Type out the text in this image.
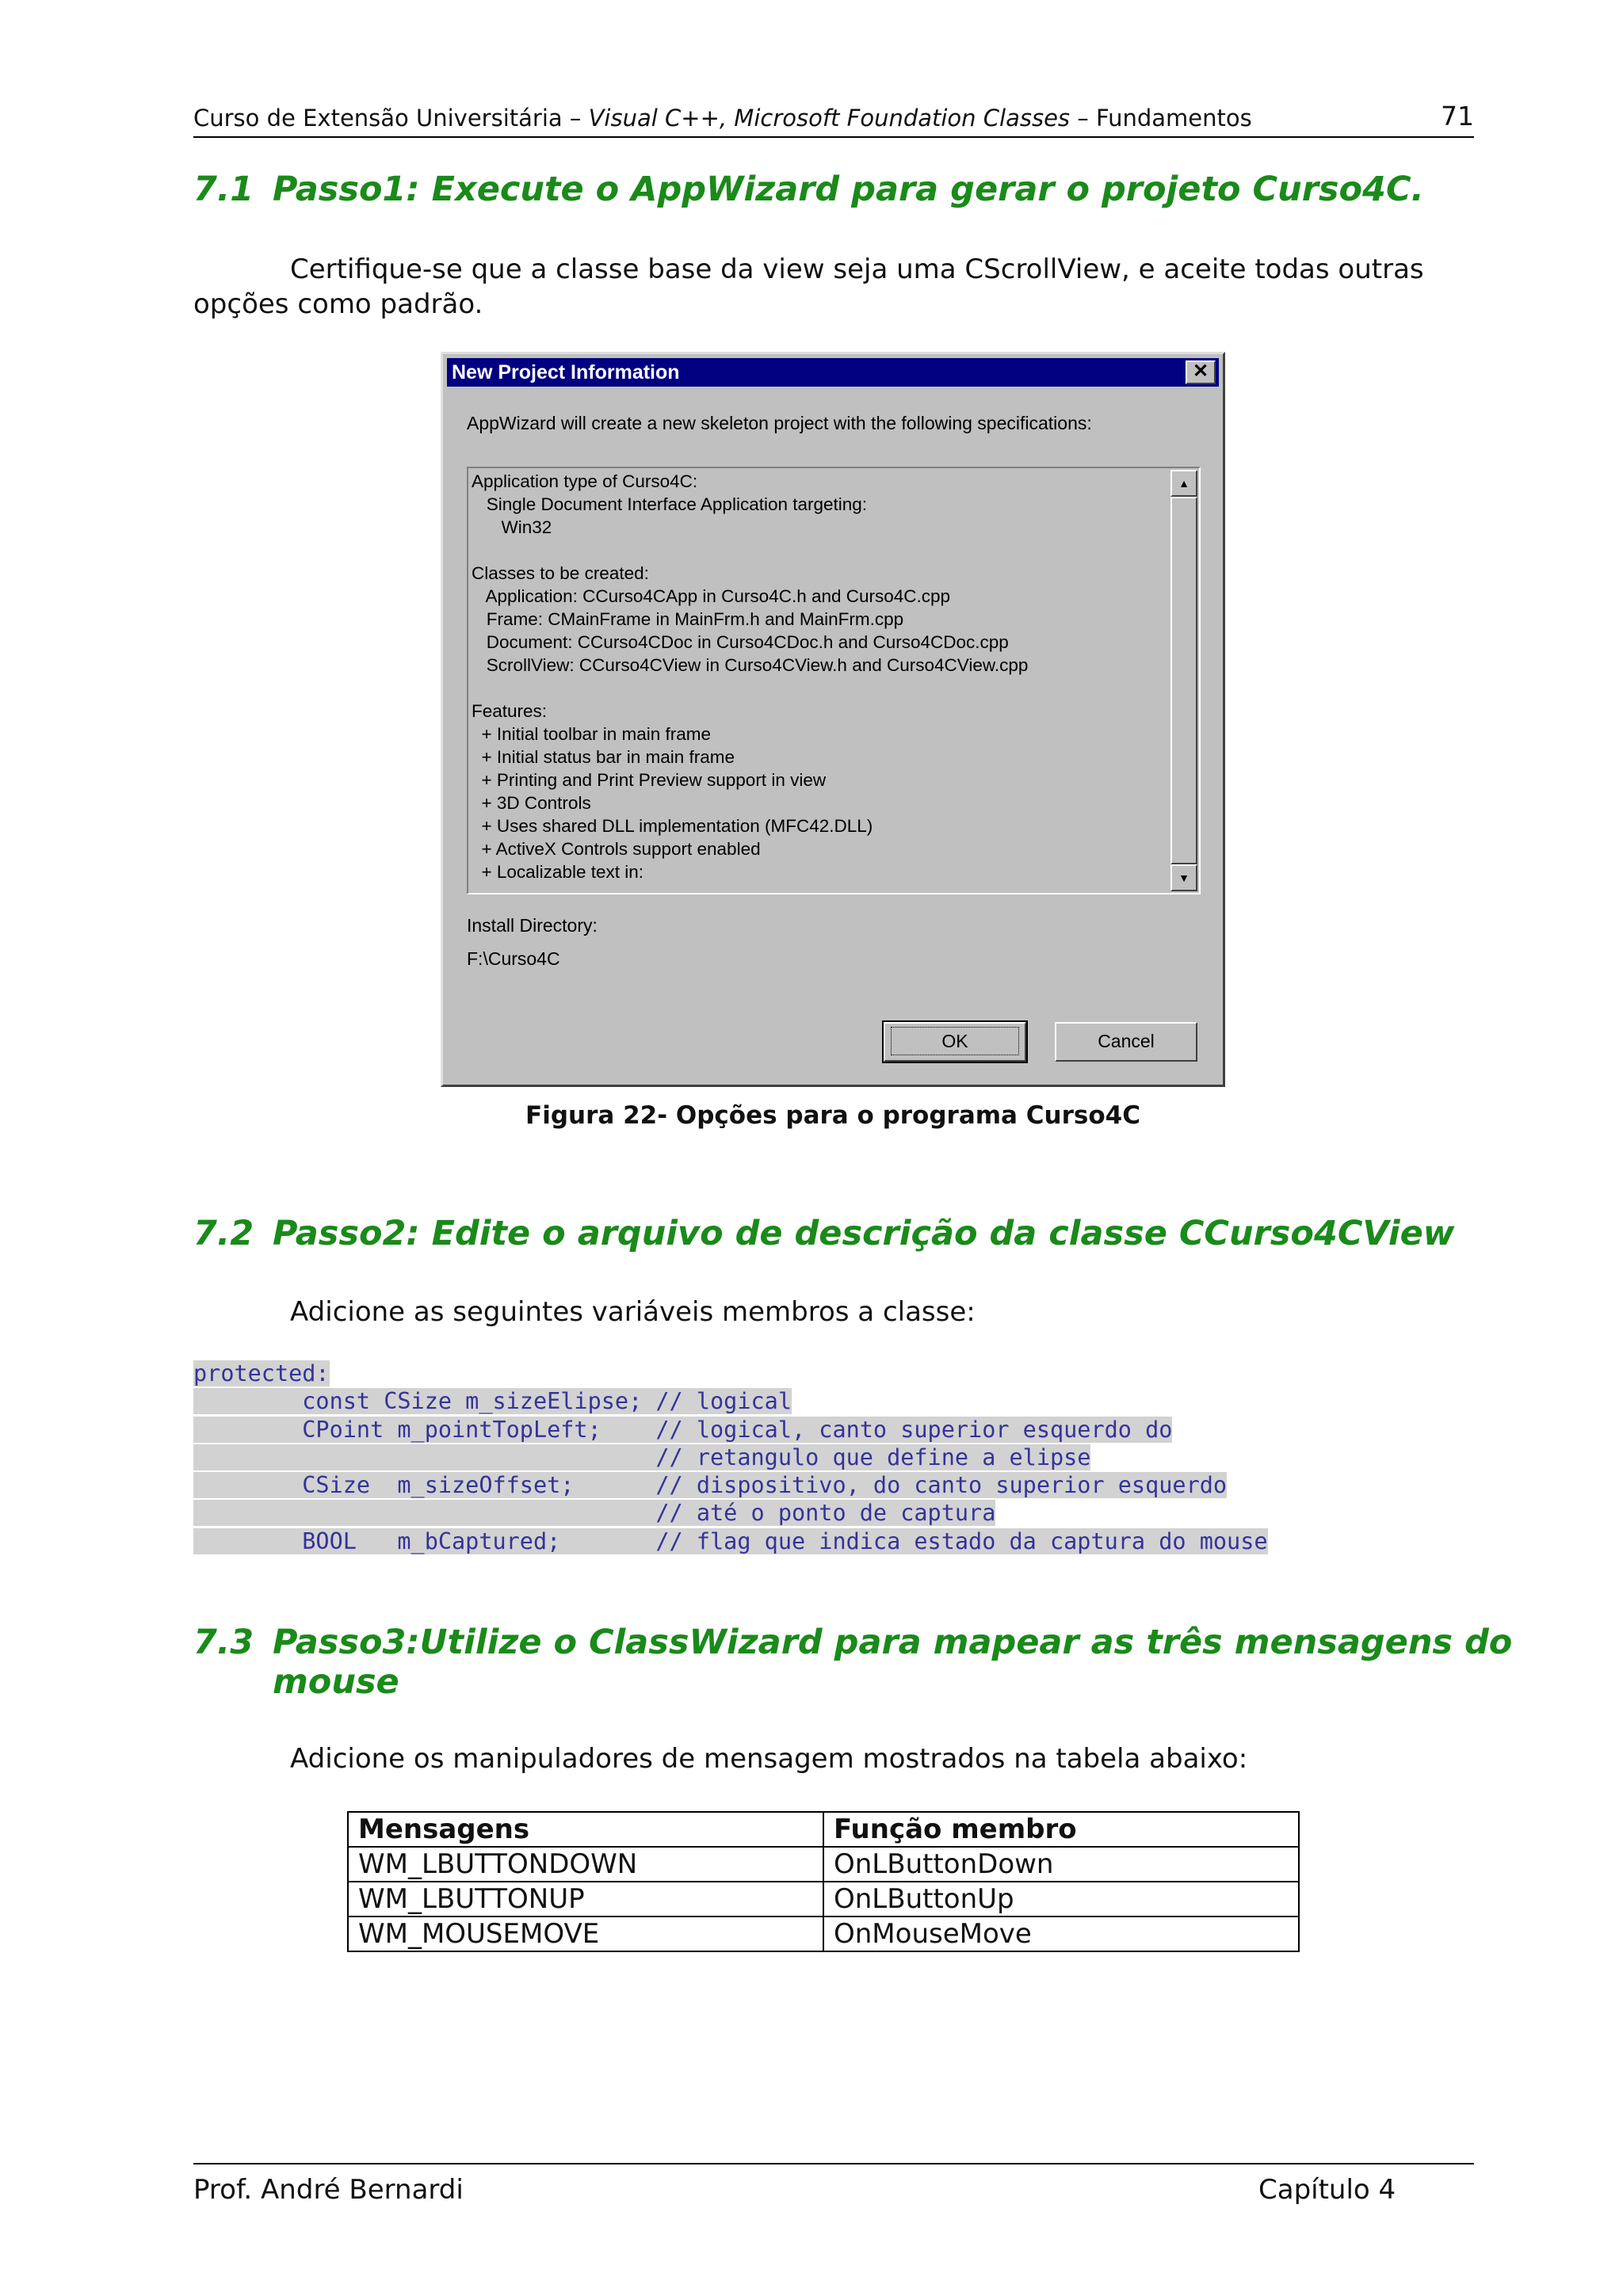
Curso de Extensão Universitária – Visual C++, Microsoft Foundation Classes – Fundamentos	71
7.1 Passo1: Execute o AppWizard para gerar o projeto Curso4C.
Certifique-se que a classe base da view seja uma CScrollView, e aceite todas outras
opções como padrão.
New Project Information	✕
AppWizard will create a new skeleton project with the following specifications:
Application type of Curso4C:
Single Document Interface Application targeting:
Win32

Classes to be created:
Application: CCurso4CApp in Curso4C.h and Curso4C.cpp
Frame: CMainFrame in MainFrm.h and MainFrm.cpp
Document: CCurso4CDoc in Curso4CDoc.h and Curso4CDoc.cpp
ScrollView: CCurso4CView in Curso4CView.h and Curso4CView.cpp

Features:
+ Initial toolbar in main frame
+ Initial status bar in main frame
+ Printing and Print Preview support in view
+ 3D Controls
+ Uses shared DLL implementation (MFC42.DLL)
+ ActiveX Controls support enabled
+ Localizable text in:
▲
▼
Install Directory:
F:\Curso4C
OK	Cancel
Figura 22- Opções para o programa Curso4C
7.2 Passo2: Edite o arquivo de descrição da classe CCurso4CView
Adicione as seguintes variáveis membros a classe:
protected:
const CSize m_sizeElipse; // logical
CPoint m_pointTopLeft;    // logical, canto superior esquerdo do
// retangulo que define a elipse
CSize  m_sizeOffset;      // dispositivo, do canto superior esquerdo
// até o ponto de captura
BOOL   m_bCaptured;       // flag que indica estado da captura do mouse
7.3 Passo3:Utilize o ClassWizard para mapear as três mensagens do
mouse
Adicione os manipuladores de mensagem mostrados na tabela abaixo:
Mensagens	Função membro
WM_LBUTTONDOWN	OnLButtonDown
WM_LBUTTONUP	OnLButtonUp
WM_MOUSEMOVE	OnMouseMove
Prof. André Bernardi	Capítulo 4
